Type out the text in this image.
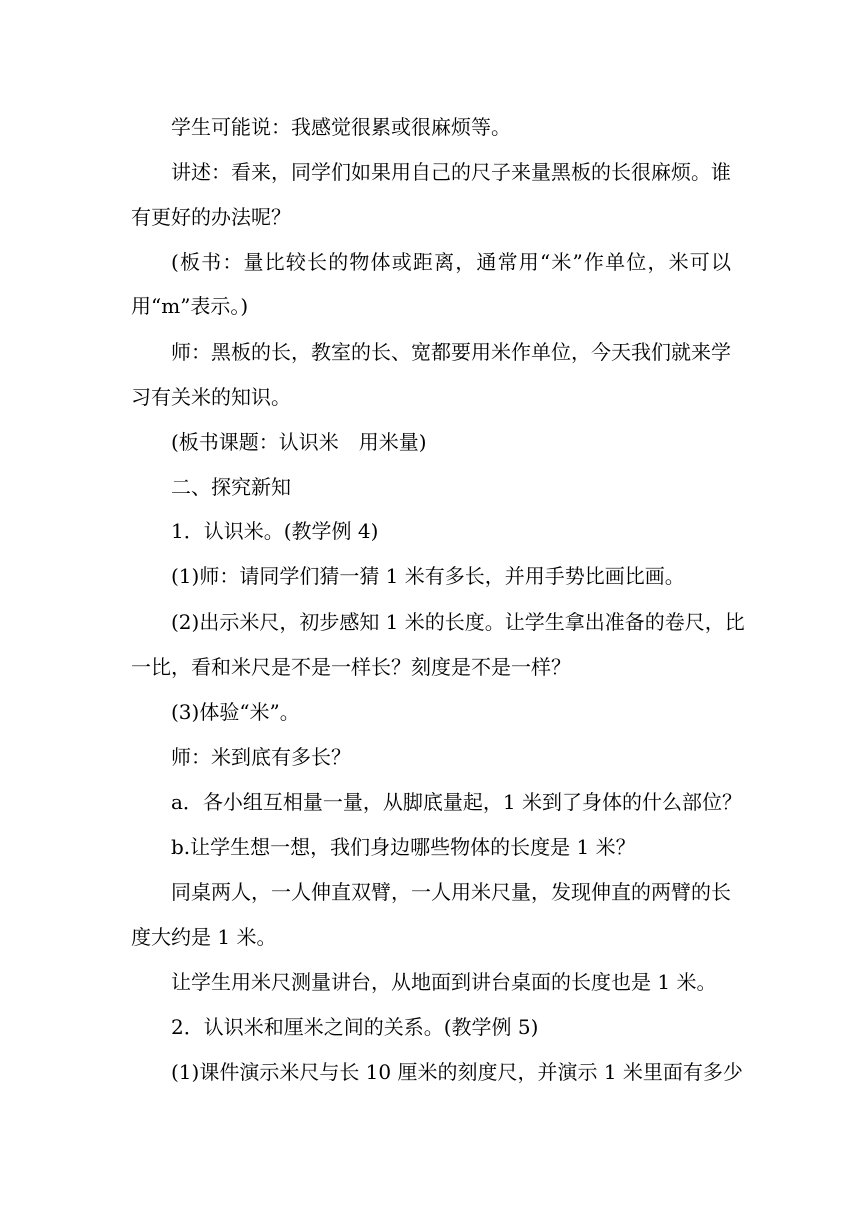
学生可能说：我感觉很累或很麻烦等。

讲述：看来，同学们如果用自己的尺子来量黑板的长很麻烦。谁

有更好的办法呢？

(板书：量比较长的物体或距离，通常用“米”作单位，米可以

用“m”表示。)

师：黑板的长，教室的长、宽都要用米作单位，今天我们就来学

习有关米的知识。

(板书课题：认识米　用米量)

二、探究新知

1．认识米。(教学例 4)

(1)师：请同学们猜一猜 1 米有多长，并用手势比画比画。

(2)出示米尺，初步感知 1 米的长度。让学生拿出准备的卷尺，比

一比，看和米尺是不是一样长？刻度是不是一样？

(3)体验“米”。

师：米到底有多长？

a．各小组互相量一量，从脚底量起，1 米到了身体的什么部位？

b.让学生想一想，我们身边哪些物体的长度是 1 米？

同桌两人，一人伸直双臂，一人用米尺量，发现伸直的两臂的长

度大约是 1 米。

让学生用米尺测量讲台，从地面到讲台桌面的长度也是 1 米。

2．认识米和厘米之间的关系。(教学例 5)

(1)课件演示米尺与长 10 厘米的刻度尺，并演示 1 米里面有多少
